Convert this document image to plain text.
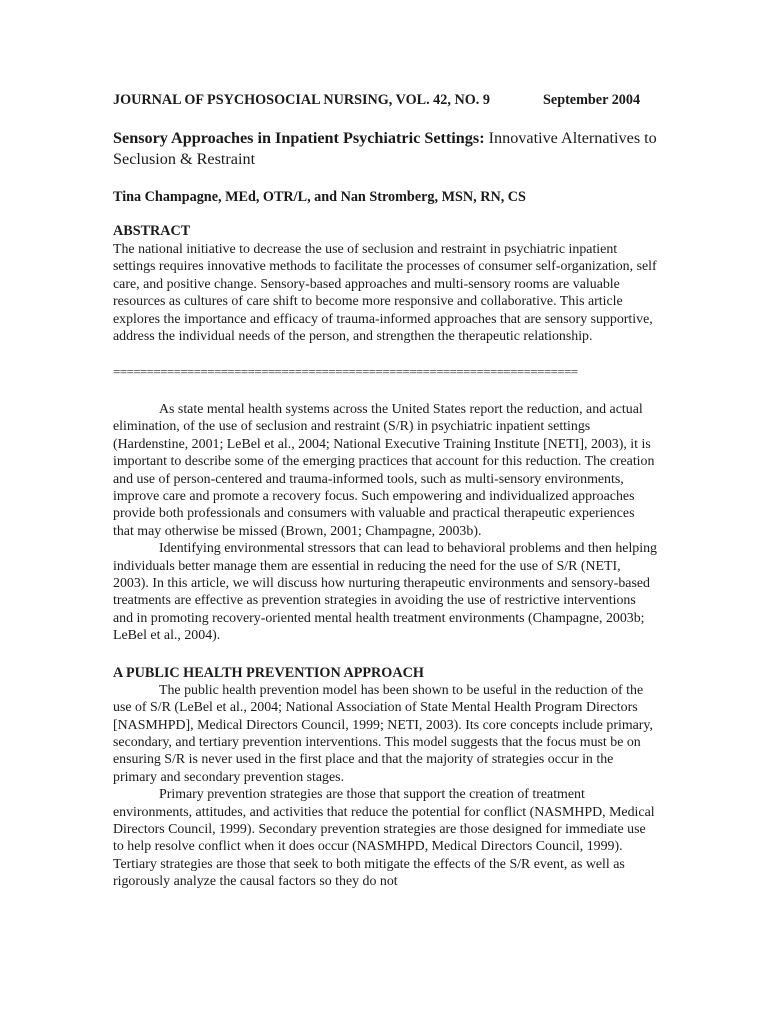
JOURNAL OF PSYCHOSOCIAL NURSING, VOL. 42, NO. 9	September 2004
Sensory Approaches in Inpatient Psychiatric Settings: Innovative Alternatives to Seclusion & Restraint
Tina Champagne, MEd, OTR/L, and Nan Stromberg, MSN, RN, CS
ABSTRACT
The national initiative to decrease the use of seclusion and restraint in psychiatric inpatient settings requires innovative methods to facilitate the processes of consumer self-organization, self care, and positive change. Sensory-based approaches and multi-sensory rooms are valuable resources as cultures of care shift to become more responsive and collaborative. This article explores the importance and efficacy of trauma-informed approaches that are sensory supportive, address the individual needs of the person, and strengthen the therapeutic relationship.
=====================================================================

As state mental health systems across the United States report the reduction, and actual elimination, of the use of seclusion and restraint (S/R) in psychiatric inpatient settings (Hardenstine, 2001; LeBel et al., 2004; National Executive Training Institute [NETI], 2003), it is important to describe some of the emerging practices that account for this reduction. The creation and use of person-centered and trauma-informed tools, such as multi-sensory environments, improve care and promote a recovery focus. Such empowering and individualized approaches provide both professionals and consumers with valuable and practical therapeutic experiences that may otherwise be missed (Brown, 2001; Champagne, 2003b).

Identifying environmental stressors that can lead to behavioral problems and then helping individuals better manage them are essential in reducing the need for the use of S/R (NETI, 2003). In this article, we will discuss how nurturing therapeutic environments and sensory-based treatments are effective as prevention strategies in avoiding the use of restrictive interventions and in promoting recovery-oriented mental health treatment environments (Champagne, 2003b; LeBel et al., 2004).

A PUBLIC HEALTH PREVENTION APPROACH

The public health prevention model has been shown to be useful in the reduction of the use of S/R (LeBel et al., 2004; National Association of State Mental Health Program Directors [NASMHPD], Medical Directors Council, 1999; NETI, 2003). Its core concepts include primary, secondary, and tertiary prevention interventions. This model suggests that the focus must be on ensuring S/R is never used in the first place and that the majority of strategies occur in the primary and secondary prevention stages.

Primary prevention strategies are those that support the creation of treatment environments, attitudes, and activities that reduce the potential for conflict (NASMHPD, Medical Directors Council, 1999). Secondary prevention strategies are those designed for immediate use to help resolve conflict when it does occur (NASMHPD, Medical Directors Council, 1999). Tertiary strategies are those that seek to both mitigate the effects of the S/R event, as well as rigorously analyze the causal factors so they do not
